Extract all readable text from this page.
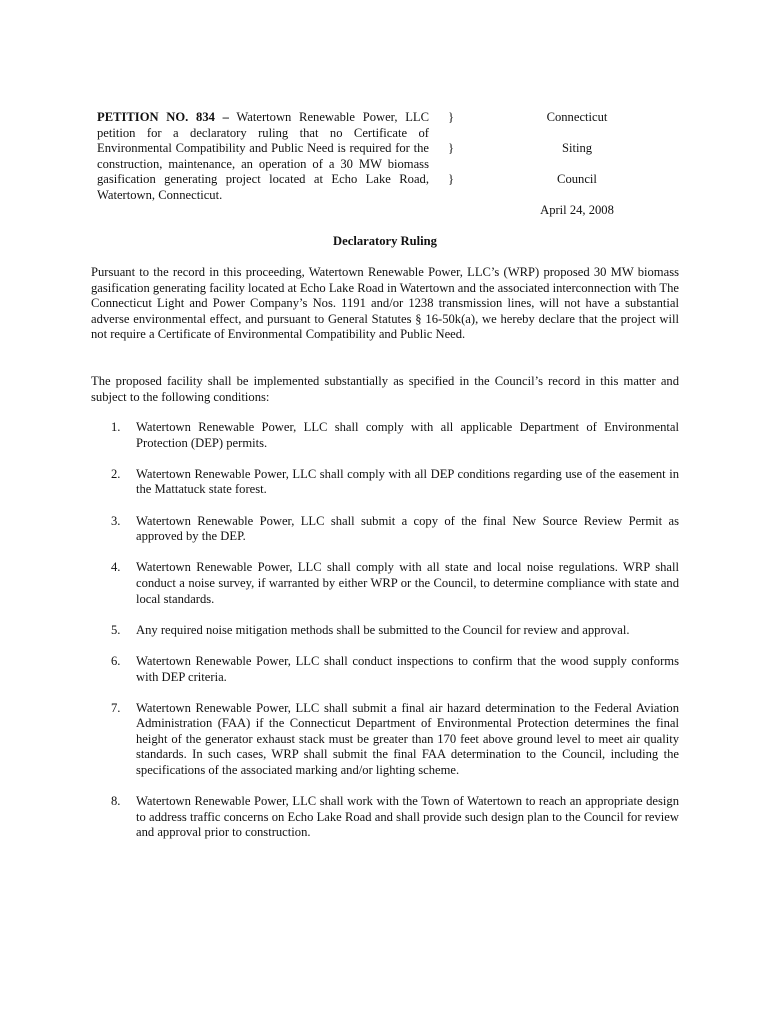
PETITION NO. 834 – Watertown Renewable Power, LLC petition for a declaratory ruling that no Certificate of Environmental Compatibility and Public Need is required for the construction, maintenance, an operation of a 30 MW biomass gasification generating project located at Echo Lake Road, Watertown, Connecticut.
}
}
}
Connecticut
Siting
Council
April 24, 2008
Declaratory Ruling

Pursuant to the record in this proceeding, Watertown Renewable Power, LLC’s (WRP) proposed 30 MW biomass gasification generating facility located at Echo Lake Road in Watertown and the associated interconnection with The Connecticut Light and Power Company’s Nos. 1191 and/or 1238 transmission lines, will not have a substantial adverse environmental effect, and pursuant to General Statutes § 16-50k(a), we hereby declare that the project will not require a Certificate of Environmental Compatibility and Public Need.

The proposed facility shall be implemented substantially as specified in the Council’s record in this matter and subject to the following conditions:

1. Watertown Renewable Power, LLC shall comply with all applicable Department of Environmental Protection (DEP) permits.
2. Watertown Renewable Power, LLC shall comply with all DEP conditions regarding use of the easement in the Mattatuck state forest.
3. Watertown Renewable Power, LLC shall submit a copy of the final New Source Review Permit as approved by the DEP.
4. Watertown Renewable Power, LLC shall comply with all state and local noise regulations. WRP shall conduct a noise survey, if warranted by either WRP or the Council, to determine compliance with state and local standards.
5. Any required noise mitigation methods shall be submitted to the Council for review and approval.
6. Watertown Renewable Power, LLC shall conduct inspections to confirm that the wood supply conforms with DEP criteria.
7. Watertown Renewable Power, LLC shall submit a final air hazard determination to the Federal Aviation Administration (FAA) if the Connecticut Department of Environmental Protection determines the final height of the generator exhaust stack must be greater than 170 feet above ground level to meet air quality standards. In such cases, WRP shall submit the final FAA determination to the Council, including the specifications of the associated marking and/or lighting scheme.
8. Watertown Renewable Power, LLC shall work with the Town of Watertown to reach an appropriate design to address traffic concerns on Echo Lake Road and shall provide such design plan to the Council for review and approval prior to construction.
